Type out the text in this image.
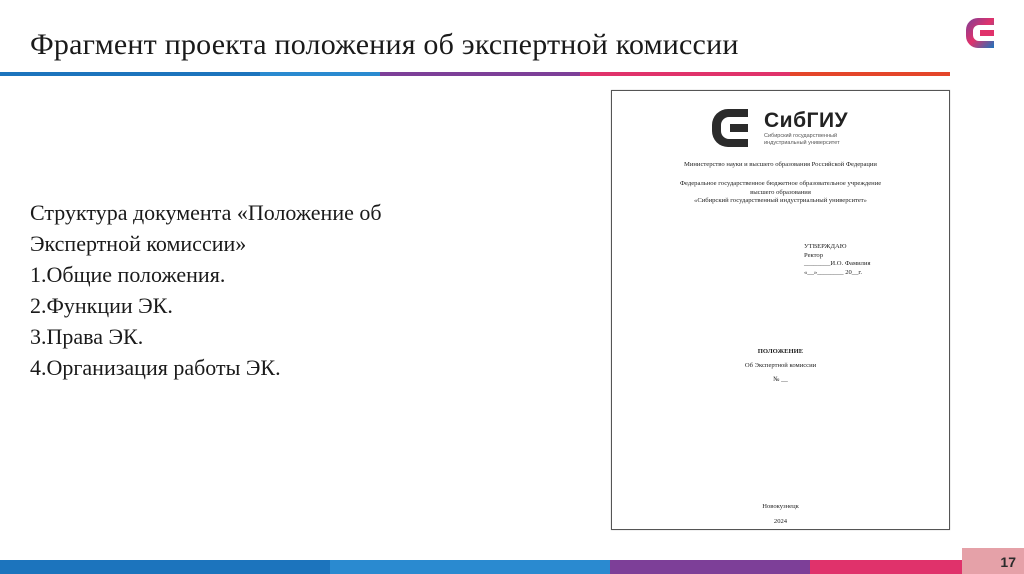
Фрагмент проекта положения об экспертной комиссии
Структура документа «Положение об
Экспертной комиссии»
1.Общие положения.
2.Функции ЭК.
3.Права ЭК.
4.Организация работы ЭК.
СибГИУ
Сибирский государственный индустриальный университет
Министерство науки и высшего образования Российской Федерации
Федеральное государственное бюджетное образовательное учреждение
высшего образования
«Сибирский государственный индустриальный университет»
УТВЕРЖДАЮ
Ректор
________И.О. Фамилия
«__»________ 20__г.
ПОЛОЖЕНИЕ
Об Экспертной комиссии
№ __
Новокузнецк
2024
17
